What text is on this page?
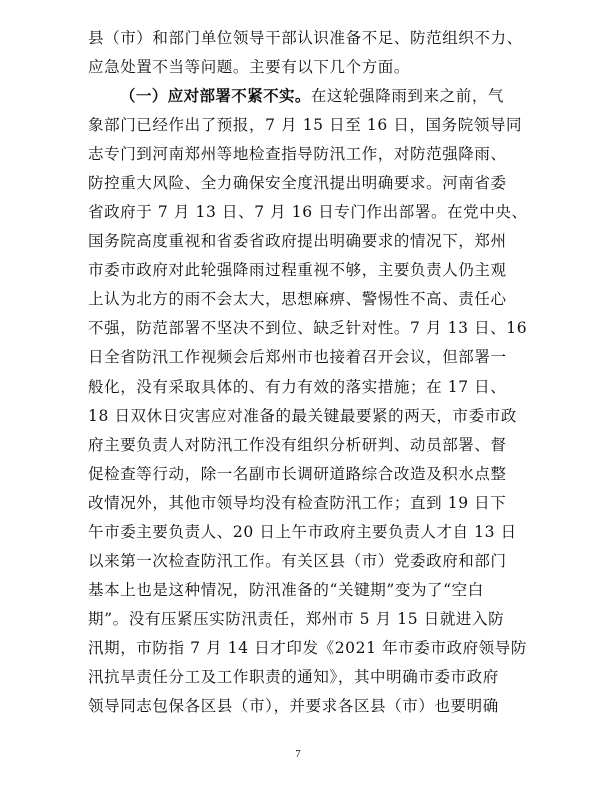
县（市）和部门单位领导干部认识准备不足、防范组织不力、
应急处置不当等问题。主要有以下几个方面。
（一）应对部署不紧不实。在这轮强降雨到来之前，气
象部门已经作出了预报，7 月 15 日至 16 日，国务院领导同
志专门到河南郑州等地检查指导防汛工作，对防范强降雨、
防控重大风险、全力确保安全度汛提出明确要求。河南省委
省政府于 7 月 13 日、7 月 16 日专门作出部署。在党中央、
国务院高度重视和省委省政府提出明确要求的情况下，郑州
市委市政府对此轮强降雨过程重视不够，主要负责人仍主观
上认为北方的雨不会太大，思想麻痹、警惕性不高、责任心
不强，防范部署不坚决不到位、缺乏针对性。7 月 13 日、16
日全省防汛工作视频会后郑州市也接着召开会议，但部署一
般化，没有采取具体的、有力有效的落实措施；在 17 日、
18 日双休日灾害应对准备的最关键最要紧的两天，市委市政
府主要负责人对防汛工作没有组织分析研判、动员部署、督
促检查等行动，除一名副市长调研道路综合改造及积水点整
改情况外，其他市领导均没有检查防汛工作；直到 19 日下
午市委主要负责人、20 日上午市政府主要负责人才自 13 日
以来第一次检查防汛工作。有关区县（市）党委政府和部门
基本上也是这种情况，防汛准备的“关键期”变为了“空白
期”。没有压紧压实防汛责任，郑州市 5 月 15 日就进入防
汛期，市防指 7 月 14 日才印发《2021 年市委市政府领导防
汛抗旱责任分工及工作职责的通知》，其中明确市委市政府
领导同志包保各区县（市），并要求各区县（市）也要明确
7
